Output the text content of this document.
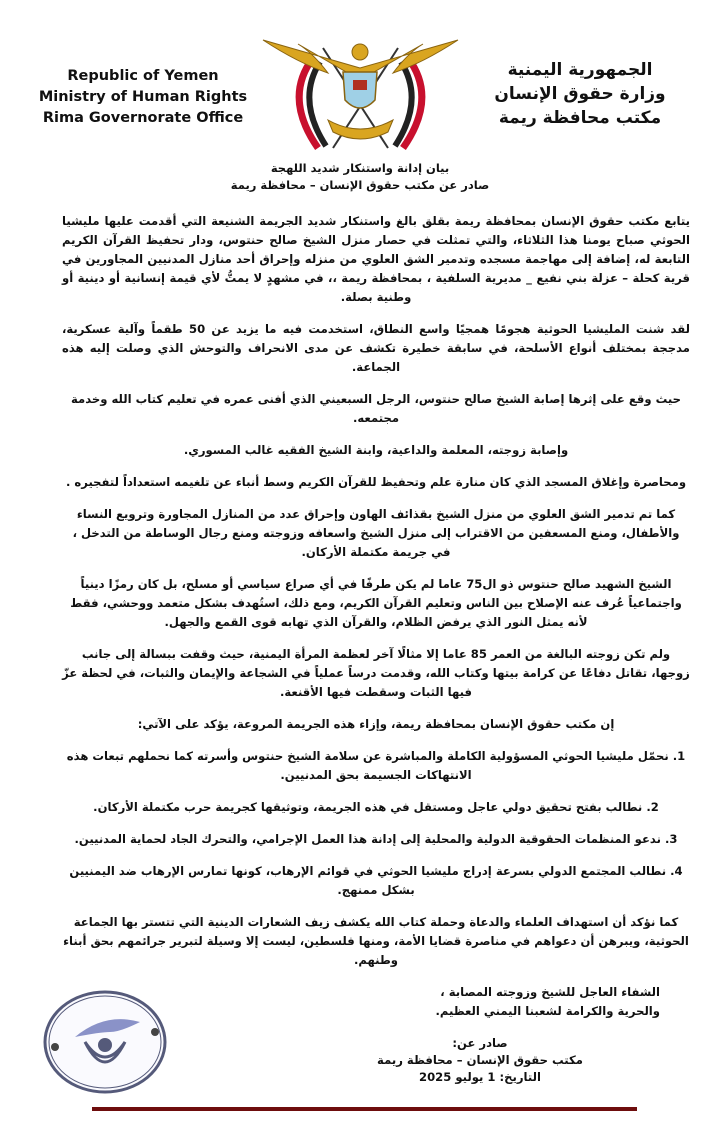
Republic of Yemen
Ministry of Human Rights
Rima Governorate Office
الجمهورية اليمنية
وزارة حقوق الإنسان
مكتب محافظة ريمة
بيان إدانة واستنكار شديد اللهجة
صادر عن مكتب حقوق الإنسان – محافظة ريمة
يتابع مكتب حقوق الإنسان بمحافظة ريمة بقلق بالغ واستنكار شديد الجريمة الشنيعة التي أقدمت عليها مليشيا الحوثي صباح يومنا هذا الثلاثاء، والتي تمثلت في حصار منزل الشيخ صالح حنتوس، ودار تحفيظ القرآن الكريم التابعة له، إضافة إلى مهاجمة مسجده وتدمير الشق العلوي من منزله وإحراق أحد منازل المدنيين المجاورين في قرية كحلة – عزلة بني نفيع _ مديرية السلفية ، بمحافظة ريمة ،، في مشهدٍ لا يمتُّ لأي قيمة إنسانية أو دينية أو وطنية بصلة.
لقد شنت المليشيا الحوثية هجومًا همجيًا واسع النطاق، استخدمت فيه ما يزيد عن 50 طقماً وآلية عسكرية، مدججة بمختلف أنواع الأسلحة، في سابقة خطيرة تكشف عن مدى الانحراف والتوحش الذي وصلت إليه هذه الجماعة.
حيث وقع على إثرها إصابة الشيخ صالح حنتوس، الرجل السبعيني الذي أفنى عمره في تعليم كتاب الله وخدمة مجتمعه.
وإصابة زوجته، المعلمة والداعية، وابنة الشيخ الفقيه غالب المسوري.
ومحاصرة وإغلاق المسجد الذي كان منارة علم وتحفيظ للقرآن الكريم وسط أنباء عن تلغيمه استعداداً لتفجيره .
كما تم تدمير الشق العلوي من منزل الشيخ بقذائف الهاون وإحراق عدد من المنازل المجاورة وترويع النساء والأطفال، ومنع المسعفين من الاقتراب إلى منزل الشيخ واسعافه وزوجته ومنع رجال الوساطة من التدخل ، في جريمة مكتملة الأركان.
الشيخ الشهيد صالح حنتوس ذو ال75 عاما لم يكن طرفًا في أي صراع سياسي أو مسلح، بل كان رمزًا دينياً واجتماعياً عُرف عنه الإصلاح بين الناس وتعليم القرآن الكريم، ومع ذلك، استُهدف بشكل متعمد ووحشي، فقط لأنه يمثل النور الذي يرفض الظلام، والقرآن الذي تهابه قوى القمع والجهل.
ولم تكن زوجته البالغة من العمر 85 عاما إلا مثالًا آخر لعظمة المرأة اليمنية، حيث وقفت ببسالة إلى جانب زوجها، تقاتل دفاعًا عن كرامة بيتها وكتاب الله، وقدمت درساً عملياً في الشجاعة والإيمان والثبات، في لحظة عزّ فيها الثبات وسقطت فيها الأقنعة.
إن مكتب حقوق الإنسان بمحافظة ريمة، وإزاء هذه الجريمة المروعة، يؤكد على الآتي:
1. نحمّل مليشيا الحوثي المسؤولية الكاملة والمباشرة عن سلامة الشيخ حنتوس وأسرته كما نحملهم تبعات هذه الانتهاكات الجسيمة بحق المدنيين.
2. نطالب بفتح تحقيق دولي عاجل ومستقل في هذه الجريمة، وتوثيقها كجريمة حرب مكتملة الأركان.
3. ندعو المنظمات الحقوقية الدولية والمحلية إلى إدانة هذا العمل الإجرامي، والتحرك الجاد لحماية المدنيين.
4. نطالب المجتمع الدولي بسرعة إدراج مليشيا الحوثي في قوائم الإرهاب، كونها تمارس الإرهاب ضد اليمنيين بشكل ممنهج.
كما نؤكد أن استهداف العلماء والدعاة وحملة كتاب الله يكشف زيف الشعارات الدينية التي تتستر بها الجماعة الحوثية، ويبرهن أن دعواهم في مناصرة قضايا الأمة، ومنها فلسطين، ليست إلا وسيلة لتبرير جرائمهم بحق أبناء وطنهم.
الشفاء العاجل للشيخ وزوجته المصابة ،
والحرية والكرامة لشعبنا اليمني العظيم.
صادر عن:
مكتب حقوق الإنسان – محافظة ريمة
التاريخ: 1 يوليو 2025
